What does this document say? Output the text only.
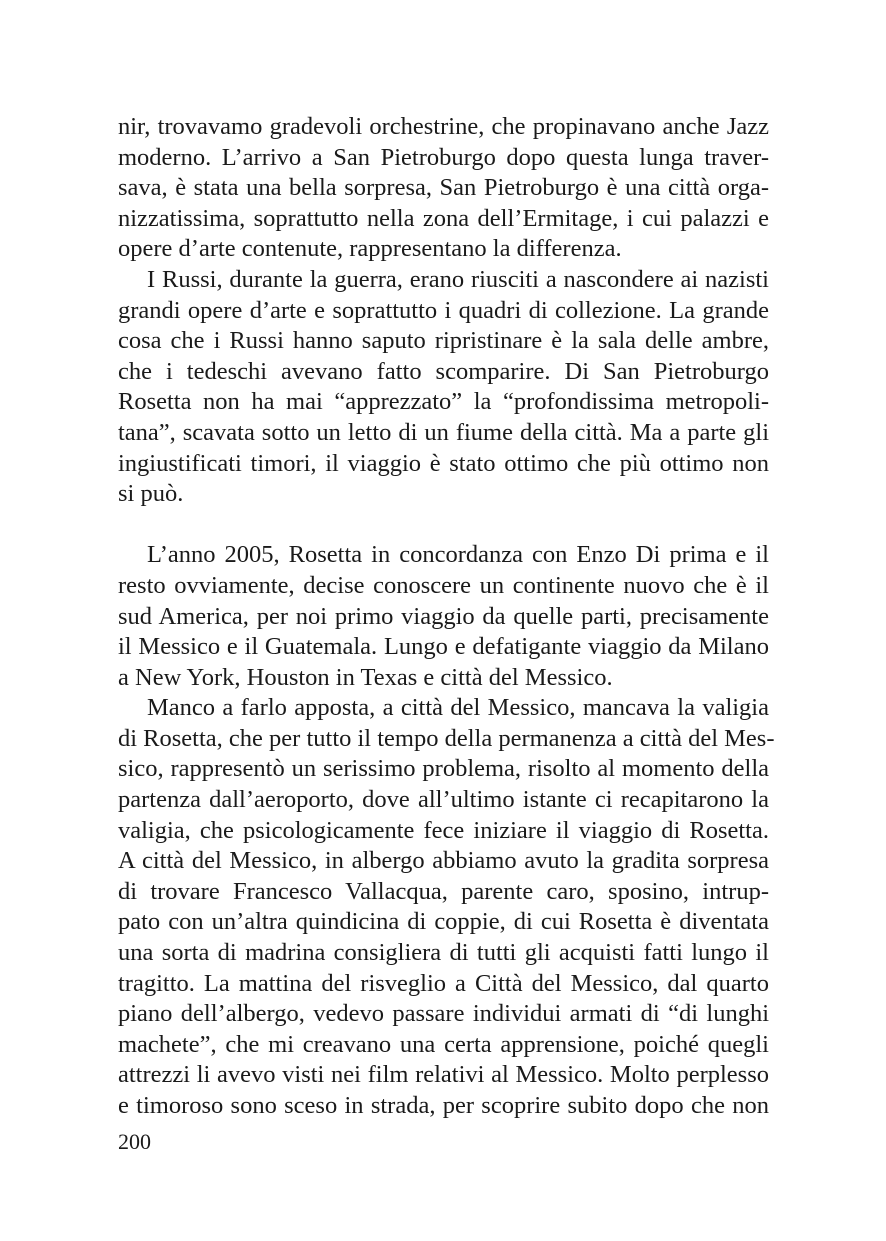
nir, trovavamo gradevoli orchestrine, che propinavano anche Jazz
moderno. L’arrivo a San Pietroburgo dopo questa lunga traver-
sava, è stata una bella sorpresa, San Pietroburgo è una città orga-
nizzatissima, soprattutto nella zona dell’Ermitage, i cui palazzi e
opere d’arte contenute, rappresentano la differenza.
I Russi, durante la guerra, erano riusciti a nascondere ai nazisti
grandi opere d’arte e soprattutto i quadri di collezione. La grande
cosa che i Russi hanno saputo ripristinare è la sala delle ambre,
che i tedeschi avevano fatto scomparire. Di San Pietroburgo
Rosetta non ha mai “apprezzato” la “profondissima metropoli-
tana”, scavata sotto un letto di un fiume della città. Ma a parte gli
ingiustificati timori, il viaggio è stato ottimo che più ottimo non
si può.
L’anno 2005, Rosetta in concordanza con Enzo Di prima e il
resto ovviamente, decise conoscere un continente nuovo che è il
sud America, per noi primo viaggio da quelle parti, precisamente
il Messico e il Guatemala. Lungo e defatigante viaggio da Milano
a New York, Houston in Texas e città del Messico.
Manco a farlo apposta, a città del Messico, mancava la valigia
di Rosetta, che per tutto il tempo della permanenza a città del Mes-
sico, rappresentò un serissimo problema, risolto al momento della
partenza dall’aeroporto, dove all’ultimo istante ci recapitarono la
valigia, che psicologicamente fece iniziare il viaggio di Rosetta.
A città del Messico, in albergo abbiamo avuto la gradita sorpresa
di trovare Francesco Vallacqua, parente caro, sposino, intrup-
pato con un’altra quindicina di coppie, di cui Rosetta è diventata
una sorta di madrina consigliera di tutti gli acquisti fatti lungo il
tragitto. La mattina del risveglio a Città del Messico, dal quarto
piano dell’albergo, vedevo passare individui armati di “di lunghi
machete”, che mi creavano una certa apprensione, poiché quegli
attrezzi li avevo visti nei film relativi al Messico. Molto perplesso
e timoroso sono sceso in strada, per scoprire subito dopo che non
200
